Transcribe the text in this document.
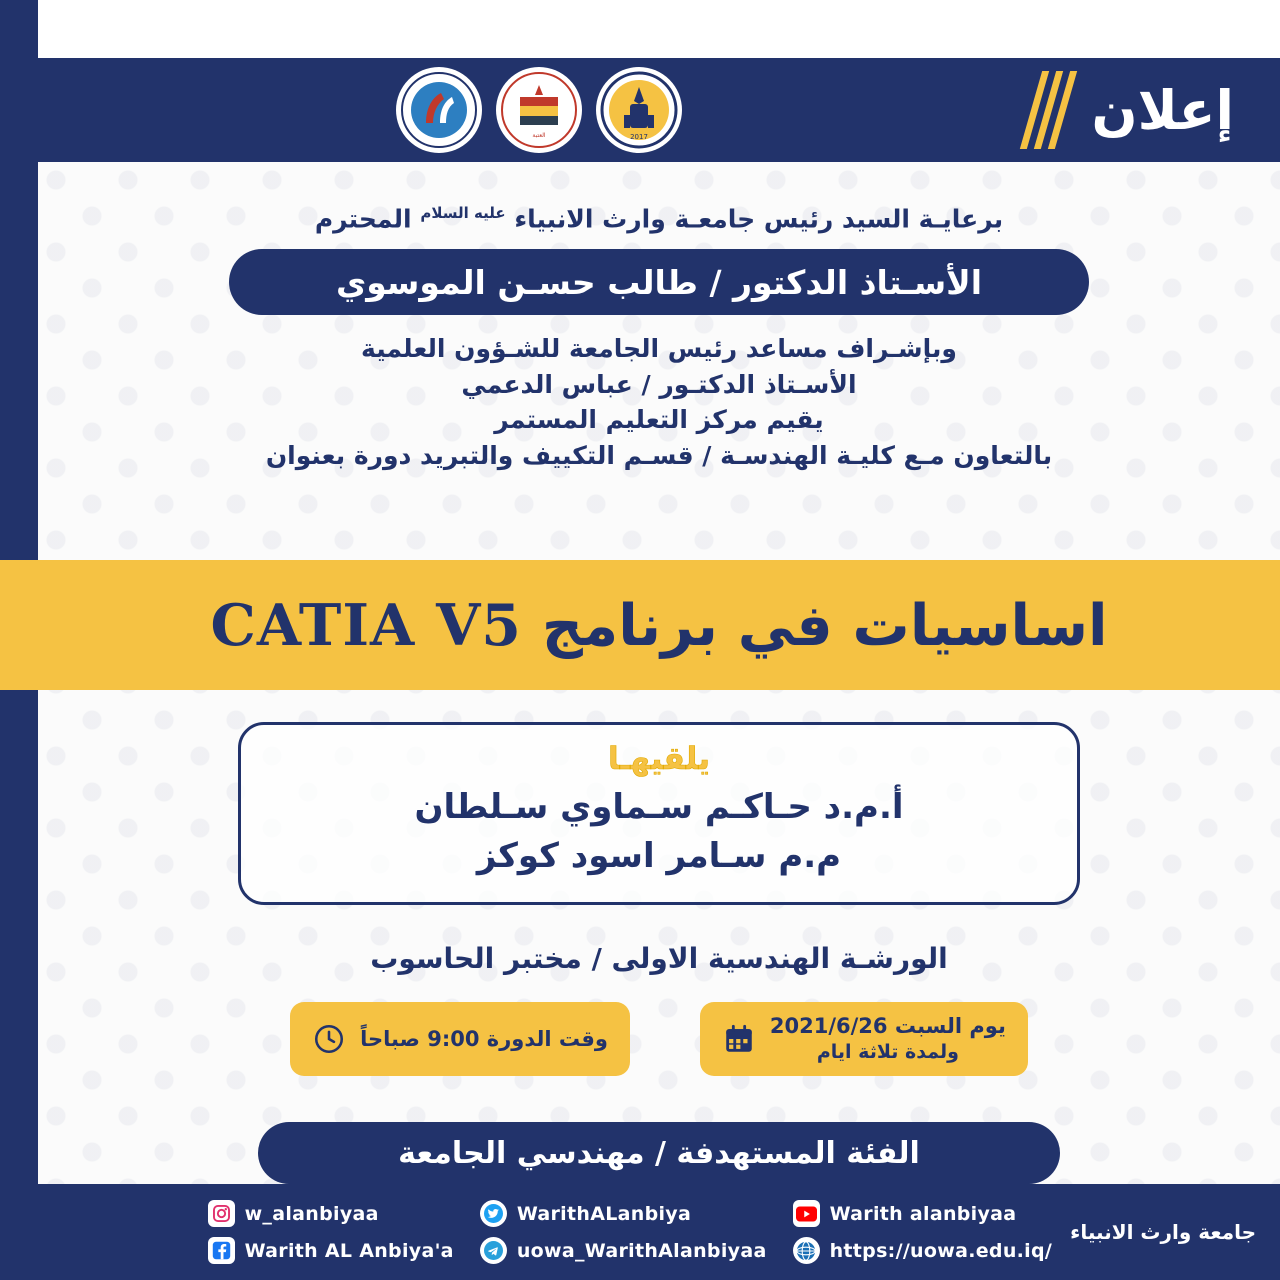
إعلان
2017
العتبة
برعايـة السيد رئيس جامعـة وارث الانبياء $^{عليه السلام}$ المحترم
الأسـتاذ الدكتور / طالب حسـن الموسوي
وبإشـراف مساعد رئيس الجامعة للشـؤون العلمية
الأسـتاذ الدكتـور / عباس الدعمي
يقيم مركز التعليم المستمر
بالتعاون مـع كليـة الهندسـة / قسـم التكييف والتبريد دورة بعنوان
اساسيات في برنامج CATIA V5
يلقيهـا
أ.م.د حـاكـم سـماوي سـلطان
م.م سـامر اسود كوكز
الورشـة الهندسية الاولى / مختبر الحاسوب
يوم السبت 2021/6/26
ولمدة تلاثة ايام
وقت الدورة 9:00 صباحاً
الفئة المستهدفة / مهندسي الجامعة
جامعة وارث الانبياء
w_alanbiyaa
Warith AL Anbiya'a
WarithALanbiya
uowa_WarithAlanbiyaa
Warith alanbiyaa
https://uowa.edu.iq/
